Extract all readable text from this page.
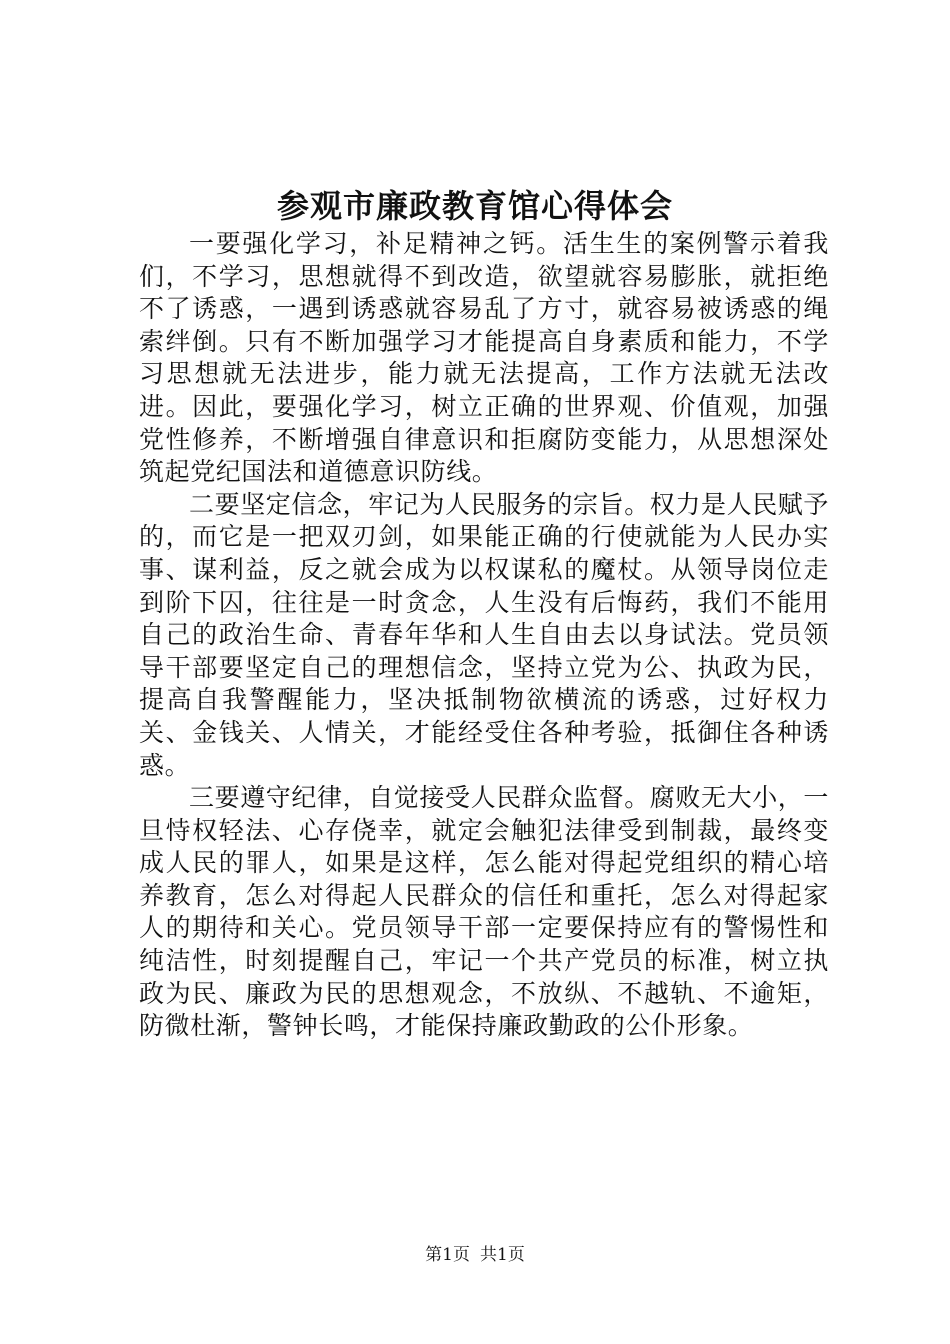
参观市廉政教育馆心得体会

一要强化学习，补足精神之钙。活生生的案例警示着我们，不学习，思想就得不到改造，欲望就容易膨胀，就拒绝不了诱惑，一遇到诱惑就容易乱了方寸，就容易被诱惑的绳索绊倒。只有不断加强学习才能提高自身素质和能力，不学习思想就无法进步，能力就无法提高，工作方法就无法改进。因此，要强化学习，树立正确的世界观、价值观，加强党性修养，不断增强自律意识和拒腐防变能力，从思想深处筑起党纪国法和道德意识防线。

二要坚定信念，牢记为人民服务的宗旨。权力是人民赋予的，而它是一把双刃剑，如果能正确的行使就能为人民办实事、谋利益，反之就会成为以权谋私的魔杖。从领导岗位走到阶下囚，往往是一时贪念，人生没有后悔药，我们不能用自己的政治生命、青春年华和人生自由去以身试法。党员领导干部要坚定自己的理想信念，坚持立党为公、执政为民，提高自我警醒能力，坚决抵制物欲横流的诱惑，过好权力关、金钱关、人情关，才能经受住各种考验，抵御住各种诱惑。

三要遵守纪律，自觉接受人民群众监督。腐败无大小，一旦恃权轻法、心存侥幸，就定会触犯法律受到制裁，最终变成人民的罪人，如果是这样，怎么能对得起党组织的精心培养教育，怎么对得起人民群众的信任和重托，怎么对得起家人的期待和关心。党员领导干部一定要保持应有的警惕性和纯洁性，时刻提醒自己，牢记一个共产党员的标准，树立执政为民、廉政为民的思想观念，不放纵、不越轨、不逾矩，防微杜渐，警钟长鸣，才能保持廉政勤政的公仆形象。

第1页 共1页
